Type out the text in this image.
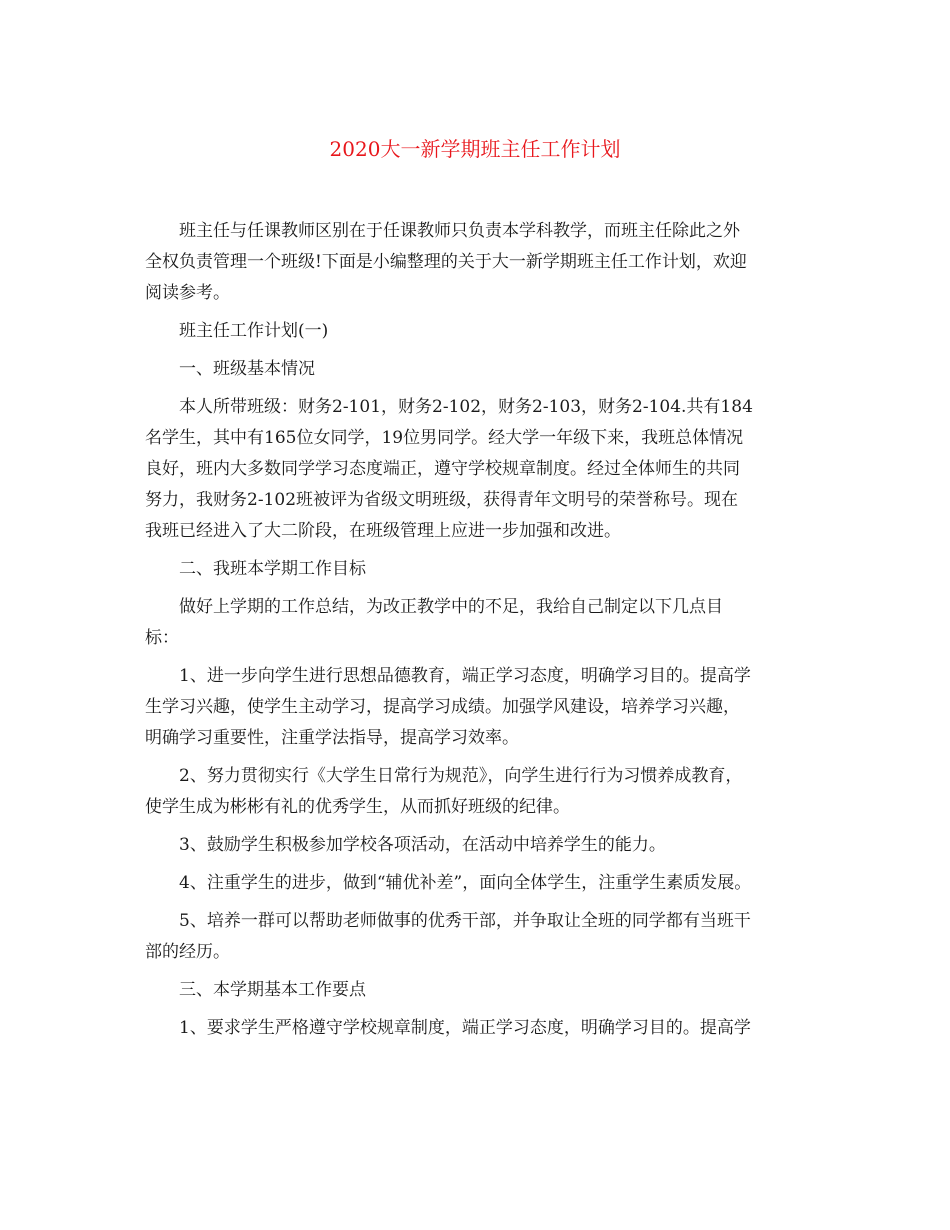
2020大一新学期班主任工作计划
班主任与任课教师区别在于任课教师只负责本学科教学，而班主任除此之外
全权负责管理一个班级!下面是小编整理的关于大一新学期班主任工作计划，欢迎
阅读参考。
班主任工作计划(一)
一、班级基本情况
本人所带班级：财务2-101，财务2-102，财务2-103，财务2-104.共有184
名学生，其中有165位女同学，19位男同学。经大学一年级下来，我班总体情况
良好，班内大多数同学学习态度端正，遵守学校规章制度。经过全体师生的共同
努力，我财务2-102班被评为省级文明班级，获得青年文明号的荣誉称号。现在
我班已经进入了大二阶段，在班级管理上应进一步加强和改进。
二、我班本学期工作目标
做好上学期的工作总结，为改正教学中的不足，我给自己制定以下几点目
标：
1、进一步向学生进行思想品德教育，端正学习态度，明确学习目的。提高学
生学习兴趣，使学生主动学习，提高学习成绩。加强学风建设，培养学习兴趣，
明确学习重要性，注重学法指导，提高学习效率。
2、努力贯彻实行《大学生日常行为规范》，向学生进行行为习惯养成教育，
使学生成为彬彬有礼的优秀学生，从而抓好班级的纪律。
3、鼓励学生积极参加学校各项活动，在活动中培养学生的能力。
4、注重学生的进步，做到“辅优补差”，面向全体学生，注重学生素质发展。
5、培养一群可以帮助老师做事的优秀干部，并争取让全班的同学都有当班干
部的经历。
三、本学期基本工作要点
1、要求学生严格遵守学校规章制度，端正学习态度，明确学习目的。提高学
